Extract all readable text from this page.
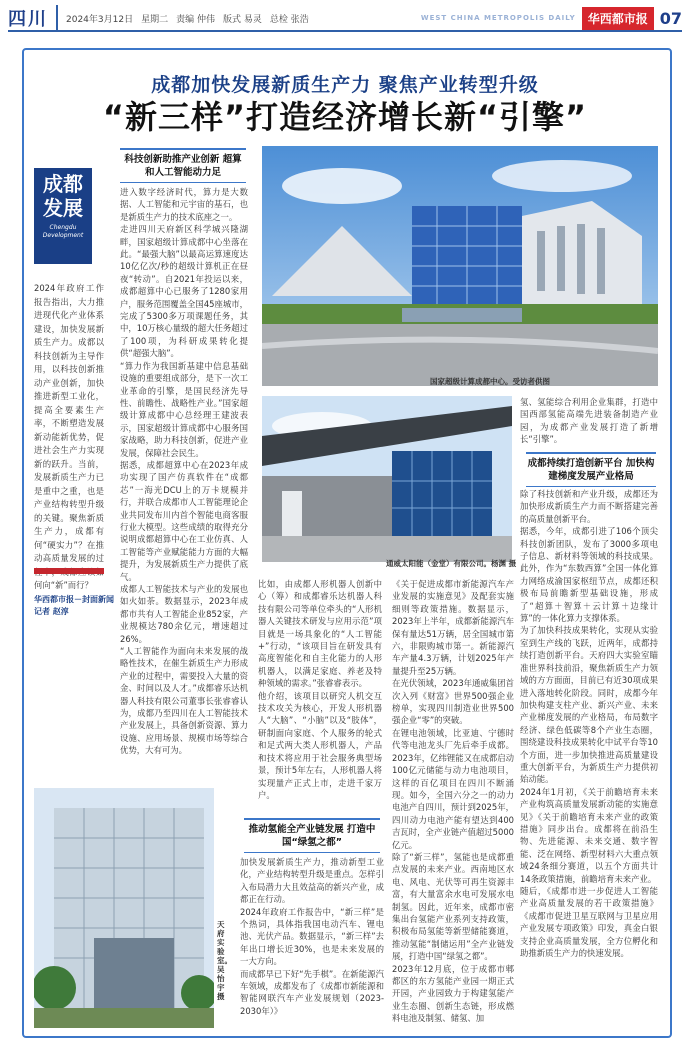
四川	2024年3月12日 星期二 责编 仲伟 版式 易灵 总检 张浩	WEST CHINA METROPOLIS DAILY	华西都市报 07
成都加快发展新质生产力 聚焦产业转型升级
“新三样”打造经济增长新“引擎”
成都
发展
Chengdu
Development
2024年政府工作报告指出，大力推进现代化产业体系建设，加快发展新质生产力。成都以科技创新为主导作用，以科技创新推动产业创新，加快推进新型工业化，提高全要素生产率，不断塑造发展新动能新优势，促进社会生产力实现新的跃升。当前，发展新质生产力已是重中之重，也是产业结构转型升级的关键。聚焦新质生产力，成都有何“硬实力”？在推动高质量发展的过 何向“新”而行？
华西都市报－封面新闻 记者 赵淳
科技创新助推产业创新 超算和人工智能动力足
进入数字经济时代，算力是大数据、人工智能和元宇宙的基石，也是新质生产力的技术底座之一。
走进四川天府新区科学城兴隆湖畔，国家超级计算成都中心坐落在此。“最强大脑”以最高运算速度达10亿亿次/秒的超级计算机正在昼夜“转动”。自2021年投运以来，成都超算中心已服务了1280家用户，服务范围覆盖全国45座城市，完成了5300多万项课题任务，其中，10万核心量级的超大任务超过了100项，为科研成果转化提供“超强大脑”。
“算力作为我国新基建中信息基础设施的重要组成部分，是下一次工业革命的引擎，是国民经济先导性、前瞻性、战略性产业。”国家超级计算成都中心总经理王建波表示，国家超级计算成都中心服务国家战略，助力科技创新，促进产业发展，保障社会民生。
据悉，成都超算中心在2023年成功实现了国产仿真软件在“成都芯”一海光DCU上的万卡规模并行，并联合成都市人工智能理论企业共同发布川内首个智能电商客服行业大模型。这些成绩的取得充分说明成都超算中心在工业仿真、人工智能等产业赋能能力方面的大幅提升，为发展新质生产力提供了底气。
成都人工智能技术与产业的发展也如火如荼。数据显示，2023年成都市共有人工智能企业852家，产业规模达780余亿元，增速超过26%。
“人工智能作为面向未来发展的战略性技术，在催生新质生产力形成产业的过程中，需要投入大量的资金、时间以及人才。”成都睿乐达机器人科技有限公司董事长张睿睿认为，成都乃至四川在人工智能技术产业发展上，具备创新资源、算力设施、应用场景、规模市场等综合优势，大有可为。
国家超级计算成都中心。受访者供图
通威太阳能（金堂）有限公司。杨渊 摄
氢、氢能综合利用企业集群，打造中国西部氢能高端先进装备制造产业园，为成都产业发展打造了新增长“引擎”。
成都持续打造创新平台 加快构建梯度发展产业格局
除了科技创新和产业升级，成都还为加快形成新质生产力而不断搭建完善的高质量创新平台。
据悉，今年，成都引进了106个顶尖科技创新团队，发布了3000多项电子信息、新材料等领域的科技成果。此外，作为“东数西算”全国一体化算力网络成渝国家枢纽节点，成都还积极布局前瞻新型基础设施，形成了“超算＋智算＋云计算＋边缘计算”的一体化算力支撑体系。
为了加快科技成果转化，实现从实验室到生产线的飞跃，近两年，成都持续打造创新平台。天府四大实验室瞄准世界科技前沿，聚焦新质生产力领域的方方面面，目前已有近30项成果进入落地转化阶段。同时，成都今年加快构建支柱产业、新兴产业、未来产业梯度发展的产业格局，布局数字经济、绿色低碳等8个产业生态圈，围绕建设科技成果转化中试平台等10个方面，进一步加快推进高质量建设重大创新平台，为新质生产力提供初始动能。
2024年1月初，《关于前瞻培育未来产业构筑高质量发展新动能的实施意见》《关于前瞻培育未来产业的政策措施》同步出台。成都将在前沿生物、先进能源、未来交通、数字智能、泛在网络、新型材料六大重点领域24条细分赛道，以五个方面共计14条政策措施，前瞻培育未来产业。
随后，《成都市进一步促进人工智能产业高质量发展的若干政策措施》《成都市促进卫星互联网与卫星应用产业发展专项政策》印发，真金白银支持企业高质量发展，全方位孵化和助推新质生产力的快速发展。
比如，由成都人形机器人创新中心（筹）和成都睿乐达机器人科技有限公司等单位牵头的“人形机器人关键技术研发与应用示范”项目就是一场具象化的“人工智能+”行动，“该项目旨在研发具有高度智能化和自主化能力的人形机器人，以满足家庭、养老及特种领域的需求。”张睿睿表示。
他介绍，该项目以研究人机交互技术攻关为核心，开发人形机器人“大脑”、“小脑”以及“肢体”，研制面向家庭、个人服务的轮式和足式两大类人形机器人，产品和技术将应用于社会服务典型场景，预计5年左右，人形机器人将实现量产正式上市，走进千家万户。
《关于促进成都市新能源汽车产业发展的实施意见》及配套实施细则等政策措施。数据显示，2023年上半年，成都新能源汽车保有量达51万辆，居全国城市第六，非限购城市第一。新能源汽车产量4.3万辆，计划2025年产量提升至25万辆。
在光伏领域，2023年通威集团首次入列《财富》世界500强企业榜单，实现四川制造业世界500强企业“零”的突破。
在锂电池领域，比亚迪、宁德时代等电池龙头厂先后牵手成都。2023年，亿纬锂能又在成都启动100亿元储能与动力电池项目，这样的百亿项目在四川不断涌现。如今，全国六分之一的动力电池产自四川，预计到2025年，四川动力电池产能有望达到400吉瓦时，全产业链产值超过5000亿元。
除了“新三样”，氢能也是成都重点发展的未来产业。西南地区水电、风电、光伏等可再生资源丰富，有大量富余水电可发展水电制氢。因此，近年来，成都市密集出台氢能产业系列支持政策，积极布局氢能等新型储能赛道，推动氢能“制储运用”全产业链发展，打造中国“绿氢之都”。
2023年12月底，位于成都市郫都区的东方氢能产业园一期正式开园，产业园致力于构建氢能产业生态圈、创新生态链，形成燃料电池及制氢、储氢、加
天府实验室。吴怡宇 摄
推动氢能全产业链发展 打造中国“绿氢之都”
加快发展新质生产力，推动新型工业化，产业结构转型升级是重点。怎样引入布局潜力大且效益高的新兴产业，成都正在行动。
2024年政府工作报告中，“新三样”是个热词，具体指我国电动汽车、锂电池、光伏产品。数据显示，“新三样”去年出口增长近30%，也是未来发展的一大方向。
而成都早已下好“先手棋”。在新能源汽车领域，成都发布了《成都市新能源和智能网联汽车产业发展规划（2023-2030年）》
